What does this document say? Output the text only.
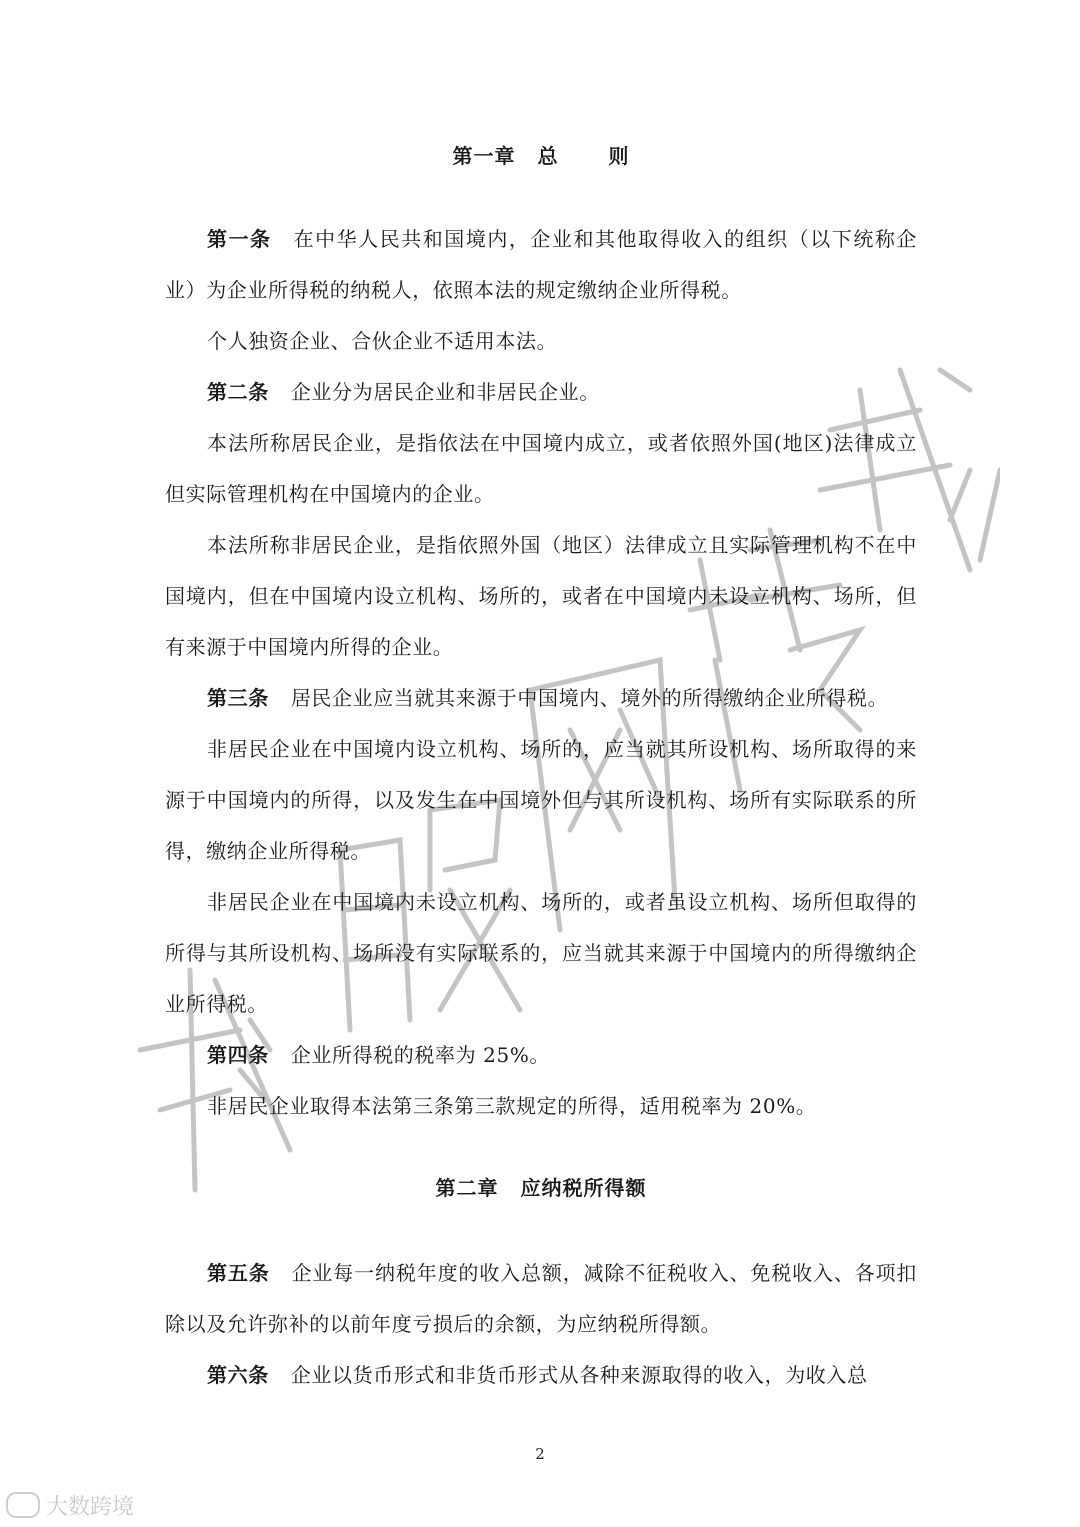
第一章 总	则

第一条 在中华人民共和国境内，企业和其他取得收入的组织（以下统称企业）为企业所得税的纳税人，依照本法的规定缴纳企业所得税。

个人独资企业、合伙企业不适用本法。

第二条 企业分为居民企业和非居民企业。

本法所称居民企业，是指依法在中国境内成立，或者依照外国(地区)法律成立但实际管理机构在中国境内的企业。

本法所称非居民企业，是指依照外国（地区）法律成立且实际管理机构不在中国境内，但在中国境内设立机构、场所的，或者在中国境内未设立机构、场所，但有来源于中国境内所得的企业。

第三条 居民企业应当就其来源于中国境内、境外的所得缴纳企业所得税。

非居民企业在中国境内设立机构、场所的，应当就其所设机构、场所取得的来源于中国境内的所得，以及发生在中国境外但与其所设机构、场所有实际联系的所得，缴纳企业所得税。

非居民企业在中国境内未设立机构、场所的，或者虽设立机构、场所但取得的所得与其所设机构、场所没有实际联系的，应当就其来源于中国境内的所得缴纳企业所得税。

第四条 企业所得税的税率为 25%。

非居民企业取得本法第三条第三款规定的所得，适用税率为 20%。

第二章 应纳税所得额

第五条 企业每一纳税年度的收入总额，减除不征税收入、免税收入、各项扣除以及允许弥补的以前年度亏损后的余额，为应纳税所得额。

第六条 企业以货币形式和非货币形式从各种来源取得的收入，为收入总

2
大数跨境
